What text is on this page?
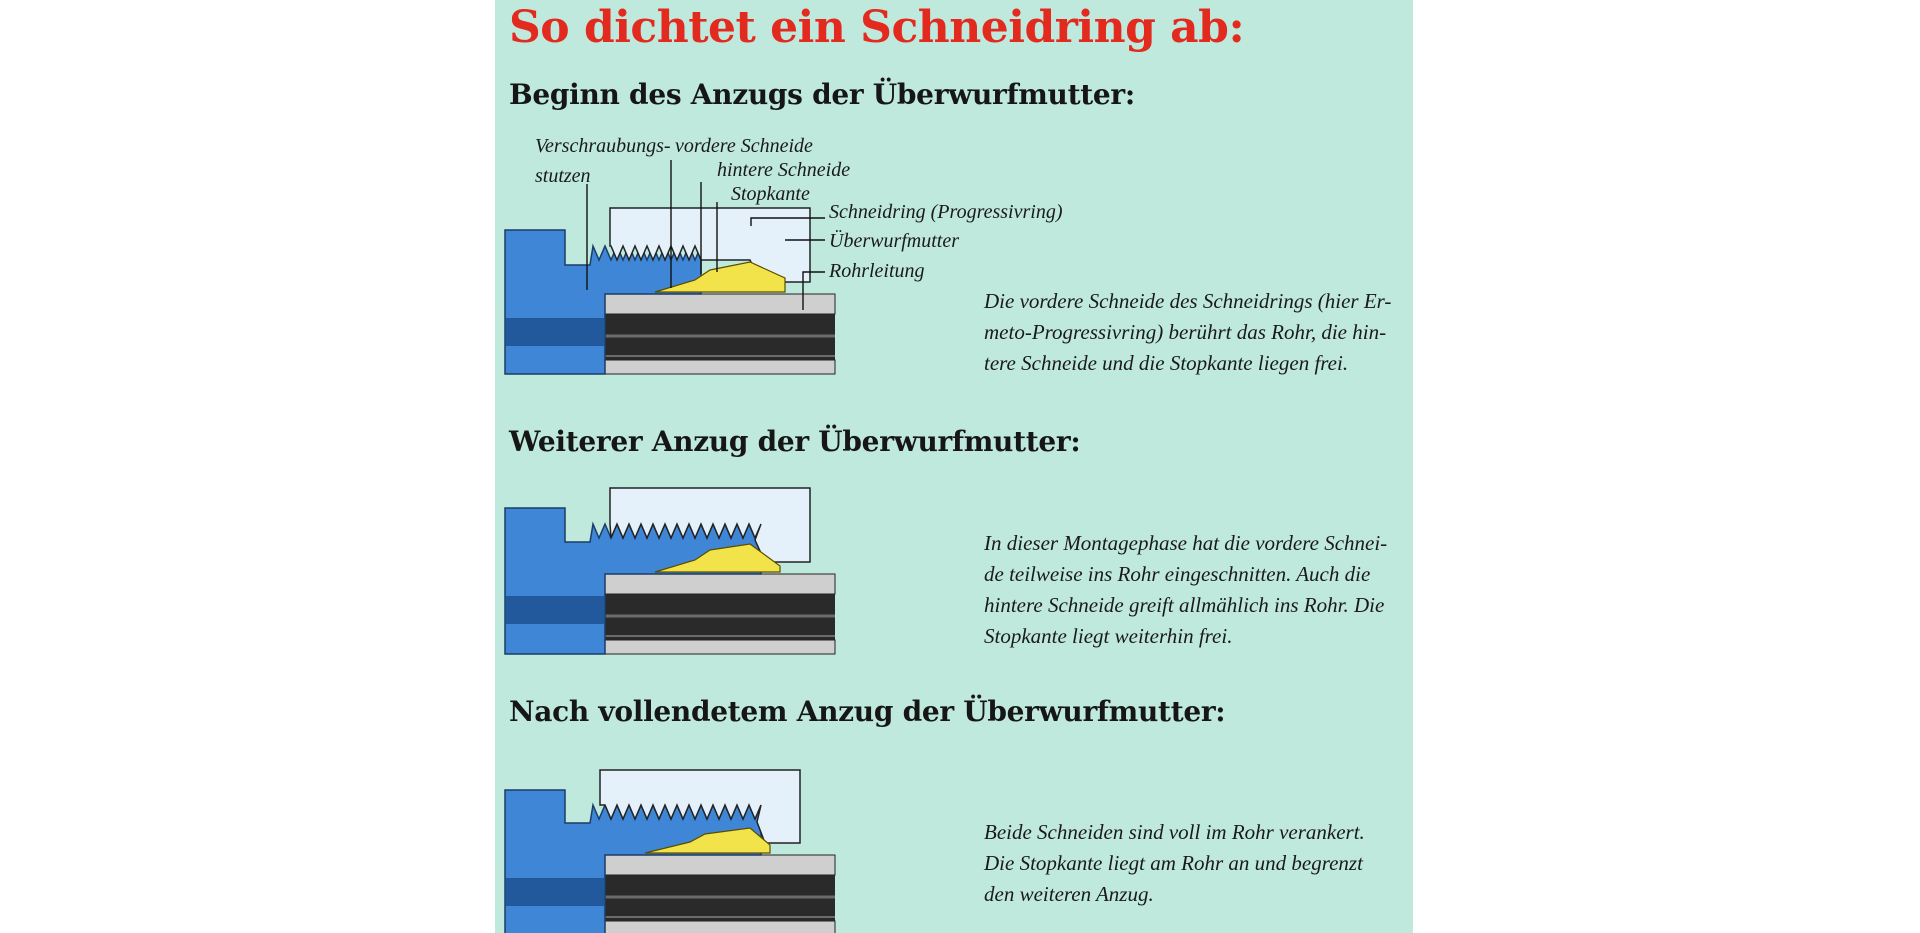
So dichtet ein Schneidring ab:
Beginn des Anzugs der Überwurfmutter:
Verschraubungs-
stutzen
vordere Schneide
hintere Schneide
Stopkante
Schneidring (Progressivring)
Überwurfmutter
Rohrleitung
Die vordere Schneide des Schneidrings (hier Er-
meto-Progressivring) berührt das Rohr, die hin-
tere Schneide und die Stopkante liegen frei.
Weiterer Anzug der Überwurfmutter:
In dieser Montagephase hat die vordere Schnei-
de teilweise ins Rohr eingeschnitten. Auch die
hintere Schneide greift allmählich ins Rohr. Die
Stopkante liegt weiterhin frei.
Nach vollendetem Anzug der Überwurfmutter:
Beide Schneiden sind voll im Rohr verankert.
Die Stopkante liegt am Rohr an und begrenzt
den weiteren Anzug.
